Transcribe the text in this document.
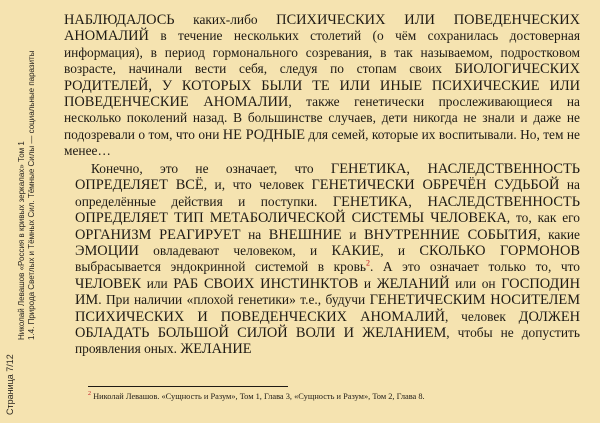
Страница 7/12
Николай Левашов «Россия в кривых зеркалах» Том 1 1.4. Природа Светлых и Тёмных Сил. Тёмные Силы — социальные паразиты

НАБЛЮДАЛОСЬ каких-либо ПСИХИЧЕСКИХ ИЛИ ПОВЕДЕНЧЕСКИХ АНОМАЛИЙ в течение нескольких столетий (о чём сохранилась достоверная информация), в период гормонального созревания, в так называемом, подростковом возрасте, начинали вести себя, следуя по стопам своих БИОЛОГИЧЕСКИХ РОДИТЕЛЕЙ, У КОТОРЫХ БЫЛИ ТЕ ИЛИ ИНЫЕ ПСИХИЧЕСКИЕ ИЛИ ПОВЕДЕНЧЕСКИЕ АНОМАЛИИ, также генетически прослеживающиеся на несколько поколений назад. В большинстве случаев, дети никогда не знали и даже не подозревали о том, что они НЕ РОДНЫЕ для семей, которые их воспитывали. Но, тем не менее…

Конечно, это не означает, что ГЕНЕТИКА, НАСЛЕДСТВЕННОСТЬ ОПРЕДЕЛЯЕТ ВСЁ, и, что человек ГЕНЕТИЧЕСКИ ОБРЕЧЁН СУДЬБОЙ на определённые действия и поступки. ГЕНЕТИКА, НАСЛЕДСТВЕННОСТЬ ОПРЕДЕЛЯЕТ ТИП МЕТАБОЛИЧЕСКОЙ СИСТЕМЫ ЧЕЛОВЕКА, то, как его ОРГАНИЗМ РЕАГИРУЕТ на ВНЕШНИЕ и ВНУТРЕННИЕ СОБЫТИЯ, какие ЭМОЦИИ овладевают человеком, и КАКИЕ, и СКОЛЬКО ГОРМОНОВ выбрасывается эндокринной системой в кровь$^2$. А это означает только то, что ЧЕЛОВЕК или РАБ СВОИХ ИНСТИНКТОВ и ЖЕЛАНИЙ или он ГОСПОДИН ИМ. При наличии «плохой генетики» т.е., будучи ГЕНЕТИЧЕСКИМ НОСИТЕЛЕМ ПСИХИЧЕСКИХ И ПОВЕДЕНЧЕСКИХ АНОМАЛИЙ, человек ДОЛЖЕН ОБЛАДАТЬ БОЛЬШОЙ СИЛОЙ ВОЛИ И ЖЕЛАНИЕМ, чтобы не допустить проявления оных. ЖЕЛАНИЕ

$^2$ Николай Левашов. «Сущность и Разум», Том 1, Глава 3, «Сущность и Разум», Том 2, Глава 8.
